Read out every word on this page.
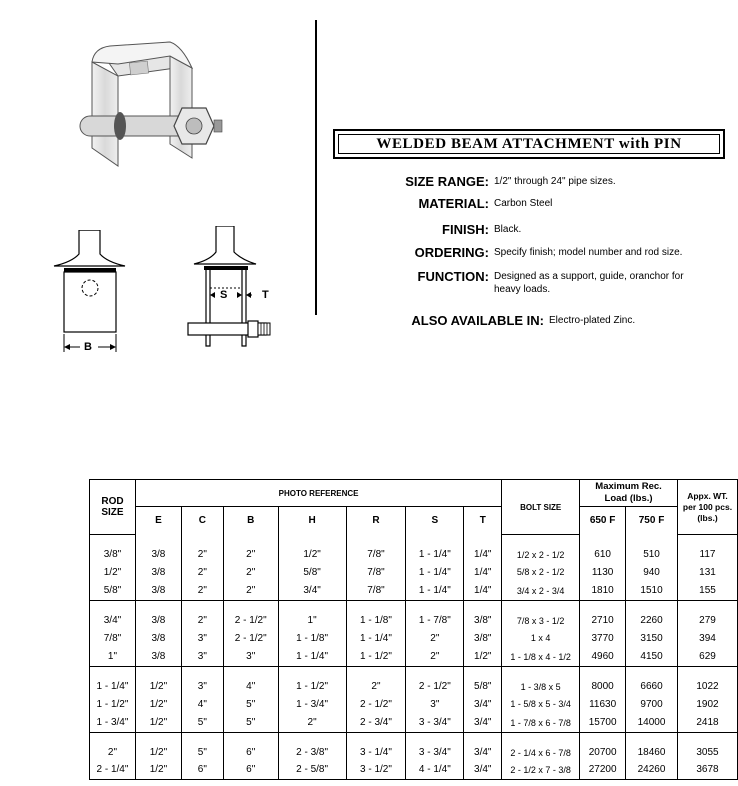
B
S	T
WELDED BEAM ATTACHMENT with PIN
SIZE RANGE: 1/2" through 24" pipe sizes.
MATERIAL: Carbon Steel
FINISH: Black.
ORDERING: Specify finish; model number and rod size.
FUNCTION: Designed as a support, guide, oranchor for heavy loads.
ALSO AVAILABLE IN: Electro-plated Zinc.
ROD SIZE	PHOTO REFERENCE							BOLT SIZE	Maximum Rec. Load (lbs.)		Appx. WT. per 100 pcs. (lbs.)
	E	C	B	H	R	S	T		650 F	750 F	
3/8"	3/8	2"	2"	1/2"	7/8"	1 - 1/4"	1/4"	1/2 x 2 - 1/2	610	510	117
1/2"	3/8	2"	2"	5/8"	7/8"	1 - 1/4"	1/4"	5/8 x 2 - 1/2	1130	940	131
5/8"	3/8	2"	2"	3/4"	7/8"	1 - 1/4"	1/4"	3/4 x 2 - 3/4	1810	1510	155
3/4"	3/8	2"	2 - 1/2"	1"	1 - 1/8"	1 - 7/8"	3/8"	7/8 x 3 - 1/2	2710	2260	279
7/8"	3/8	3"	2 - 1/2"	1 - 1/8"	1 - 1/4"	2"	3/8"	1 x 4	3770	3150	394
1"	3/8	3"	3"	1 - 1/4"	1 - 1/2"	2"	1/2"	1 - 1/8 x 4 - 1/2	4960	4150	629
1 - 1/4"	1/2"	3"	4"	1 - 1/2"	2"	2 - 1/2"	5/8"	1 - 3/8 x 5	8000	6660	1022
1 - 1/2"	1/2"	4"	5"	1 - 3/4"	2 - 1/2"	3"	3/4"	1 - 5/8 x 5 - 3/4	11630	9700	1902
1 - 3/4"	1/2"	5"	5"	2"	2 - 3/4"	3 - 3/4"	3/4"	1 - 7/8 x 6 - 7/8	15700	14000	2418
2"	1/2"	5"	6"	2 - 3/8"	3 - 1/4"	3 - 3/4"	3/4"	2 - 1/4 x 6 - 7/8	20700	18460	3055
2 - 1/4"	1/2"	6"	6"	2 - 5/8"	3 - 1/2"	4 - 1/4"	3/4"	2 - 1/2 x 7 - 3/8	27200	24260	3678
